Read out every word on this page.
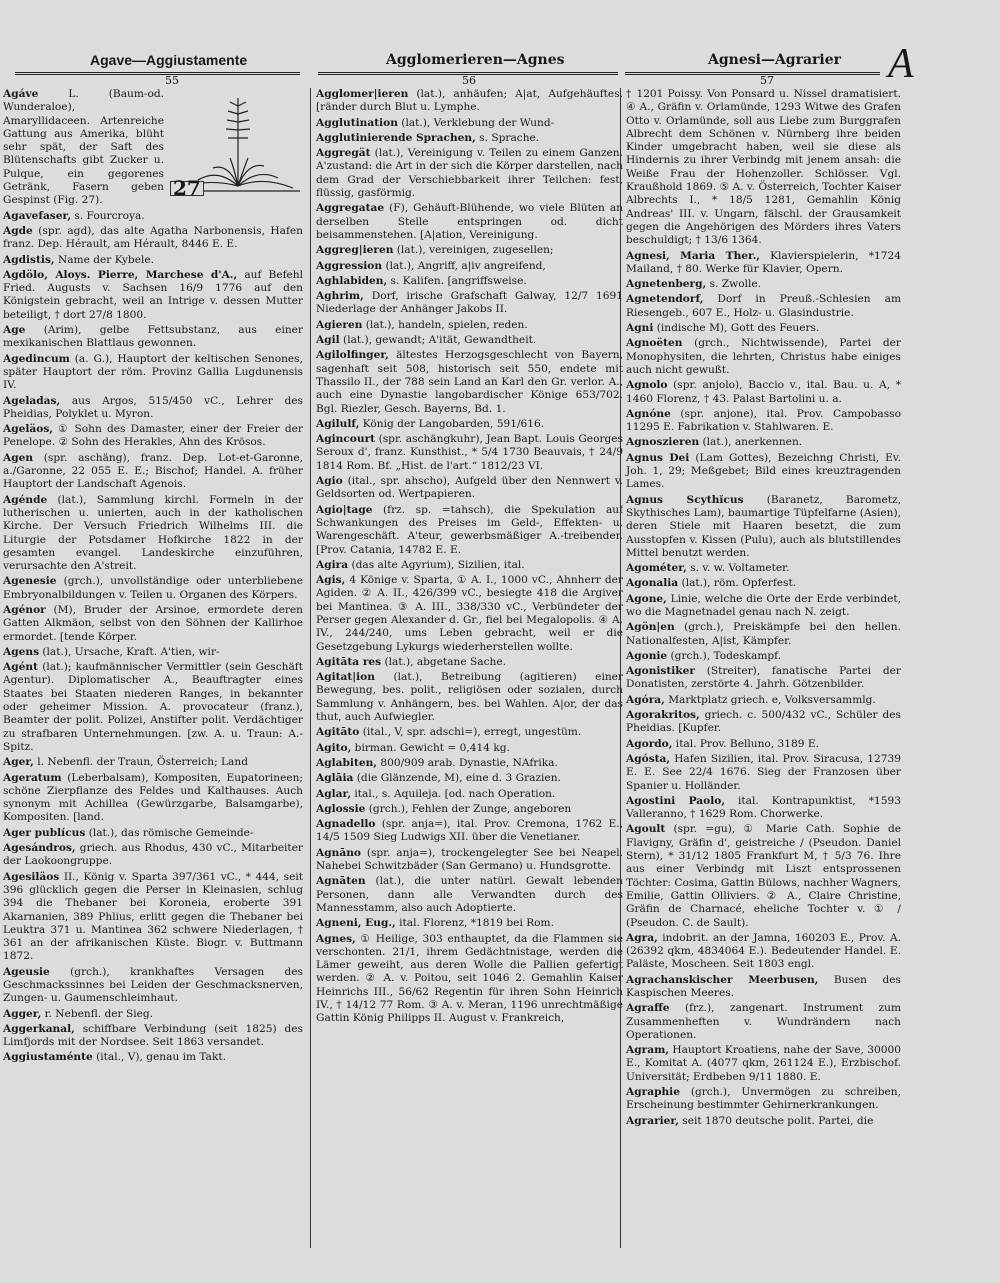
Agave—Aggiustamente	Agglomerieren—Agnes	Agnesi—Agrarier A
55	56	57
27
Agáve L. (Baum-od. Wunderaloe), Amaryllidaceen. Artenreiche Gattung aus Amerika, blüht sehr spät, der Saft des Blütenschafts gibt Zucker u. Pulque, ein gegorenes Getränk, Fasern geben Gespinst (Fig. 27).
Agavefaser, s. Fourcroya.
Agde (spr. agd), das alte Agatha Narbonensis, Hafen franz. Dep. Hérault, am Hérault, 8446 E. E.
Agdistis, Name der Kybele.
Agdölo, Aloys. Pierre, Marchese d'A., auf Befehl Fried. Augusts v. Sachsen 16/9 1776 auf den Königstein gebracht, weil an Intrige v. dessen Mutter beteiligt, † dort 27/8 1800.
Age (Arim), gelbe Fettsubstanz, aus einer mexikanischen Blattlaus gewonnen.
Agedincum (a. G.), Hauptort der keltischen Senones, später Hauptort der röm. Provinz Gallia Lugdunensis IV.
Ageladas, aus Argos, 515/450 vC., Lehrer des Pheidias, Polyklet u. Myron.
Ageläos, ① Sohn des Damaster, einer der Freier der Penelope. ② Sohn des Herakles, Ahn des Krösos.
Agen (spr. aschäng), franz. Dep. Lot-et-Garonne, a./Garonne, 22 055 E. E.; Bischof; Handel. A. früher Hauptort der Landschaft Agenois.
Agénde (lat.), Sammlung kirchl. Formeln in der lutherischen u. unierten, auch in der katholischen Kirche. Der Versuch Friedrich Wilhelms III. die Liturgie der Potsdamer Hofkirche 1822 in der gesamten evangel. Landeskirche einzuführen, verursachte den A'streit.
Agenesie (grch.), unvollständige oder unterbliebene Embryonalbildungen v. Teilen u. Organen des Körpers.
Agénor (M), Bruder der Arsinoe, ermordete deren Gatten Alkmäon, selbst von den Söhnen der Kallirhoe ermordet. [tende Körper.
Agens (lat.), Ursache, Kraft. A'tien, wir-
Agént (lat.); kaufmännischer Vermittler (sein Geschäft Agentur). Diplomatischer A., Beauftragter eines Staates bei Staaten niederen Ranges, in bekannter oder geheimer Mission. A. provocateur (franz.), Beamter der polit. Polizei, Anstifter polit. Verdächtiger zu strafbaren Unternehmungen. [zw. A. u. Traun: A.-Spitz.
Ager, l. Nebenfl. der Traun, Österreich; Land
Ageratum (Leberbalsam), Kompositen, Eupatorineen; schöne Zierpflanze des Feldes und Kalthauses. Auch synonym mit Achillea (Gewürzgarbe, Balsamgarbe), Kompositen. [land.
Ager publícus (lat.), das römische Gemeinde-
Agesándros, griech. aus Rhodus, 430 vC., Mitarbeiter der Laokoongruppe.
Agesiläos II., König v. Sparta 397/361 vC., * 444, seit 396 glücklich gegen die Perser in Kleinasien, schlug 394 die Thebaner bei Koroneia, eroberte 391 Akarnanien, 389 Phlius, erlitt gegen die Thebaner bei Leuktra 371 u. Mantinea 362 schwere Niederlagen, † 361 an der afrikanischen Küste. Biogr. v. Buttmann 1872.
Ageusie (grch.), krankhaftes Versagen des Geschmackssinnes bei Leiden der Geschmacksnerven, Zungen- u. Gaumenschleimhaut.
Agger, r. Nebenfl. der Sieg.
Aggerkanal, schiffbare Verbindung (seit 1825) des Limfjords mit der Nordsee. Seit 1863 versandet.
Aggiustaménte (ital., V), genau im Takt.
Agglomer|ieren (lat.), anhäufen; A|at, Aufgehäuftes. [ränder durch Blut u. Lymphe.
Agglutination (lat.), Verklebung der Wund-
Agglutinierende Sprachen, s. Sprache.
Aggregät (lat.), Vereinigung v. Teilen zu einem Ganzen. A'zustand: die Art in der sich die Körper darstellen, nach dem Grad der Verschiebbarkeit ihrer Teilchen: fest, flüssig, gasförmig.
Aggregatae (F), Gehäuft-Blühende, wo viele Blüten an derselben Stelle entspringen od. dicht beisammenstehen. [A|ation, Vereinigung.
Aggreg|ieren (lat.), vereinigen, zugesellen;
Aggression (lat.), Angriff, a|iv angreifend,
Aghlabiden, s. Kalifen. [angriffsweise.
Aghrim, Dorf, irische Grafschaft Galway, 12/7 1691 Niederlage der Anhänger Jakobs II.
Agieren (lat.), handeln, spielen, reden.
Agil (lat.), gewandt; A'ität, Gewandtheit.
Agilolfinger, ältestes Herzogsgeschlecht von Bayern, sagenhaft seit 508, historisch seit 550, endete mit Thassilo II., der 788 sein Land an Karl den Gr. verlor. A., auch eine Dynastie langobardischer Könige 653/702. Bgl. Riezler, Gesch. Bayerns, Bd. 1.
Agilulf, König der Langobarden, 591/616.
Agincourt (spr. aschängkuhr), Jean Bapt. Louis Georges Seroux d', franz. Kunsthist., * 5/4 1730 Beauvais, † 24/9 1814 Rom. Bf. „Hist. de l'art.“ 1812/23 VI.
Agio (ital., spr. ahscho), Aufgeld über den Nennwert v. Geldsorten od. Wertpapieren.
Agio|tage (frz. sp. =tahsch), die Spekulation auf Schwankungen des Preises im Geld-, Effekten- u. Warengeschäft. A'teur, gewerbsmäßiger A.-treibender. [Prov. Catania, 14782 E. E.
Agira (das alte Agyrium), Sizilien, ital.
Agis, 4 Könige v. Sparta, ① A. I., 1000 vC., Ahnherr der Agiden. ② A. II., 426/399 vC., besiegte 418 die Argiver bei Mantinea. ③ A. III., 338/330 vC., Verbündeter der Perser gegen Alexander d. Gr., fiel bei Megalopolis. ④ A. IV., 244/240, ums Leben gebracht, weil er die Gesetzgebung Lykurgs wiederherstellen wollte.
Agitāta res (lat.), abgetane Sache.
Agitat|ion (lat.), Betreibung (agitieren) einer Bewegung, bes. polit., religiösen oder sozialen, durch Sammlung v. Anhängern, bes. bei Wahlen. A|or, der das thut, auch Aufwiegler.
Agitāto (ital., V, spr. adschi=), erregt, ungestüm.
Agito, birman. Gewicht = 0,414 kg.
Aglabiten, 800/909 arab. Dynastie, NAfrika.
Aglāia (die Glänzende, M), eine d. 3 Grazien.
Aglar, ital., s. Aquileja. [od. nach Operation.
Aglossie (grch.), Fehlen der Zunge, angeboren
Agnadello (spr. anja=), ital. Prov. Cremona, 1762 E., 14/5 1509 Sieg Ludwigs XII. über die Venetianer.
Agnāno (spr. anja=), trockengelegter See bei Neapel. Nahebei Schwitzbäder (San Germano) u. Hundsgrotte.
Agnāten (lat.), die unter natürl. Gewalt lebenden Personen, dann alle Verwandten durch des Mannesstamm, also auch Adoptierte.
Agneni, Eug., ital. Florenz, *1819 bei Rom.
Agnes, ① Heilige, 303 enthauptet, da die Flammen sie verschonten. 21/1, ihrem Gedächtnistage, werden die Lämer geweiht, aus deren Wolle die Pallien gefertigt werden. ② A. v. Poitou, seit 1046 2. Gemahlin Kaiser Heinrichs III., 56/62 Regentin für ihren Sohn Heinrich IV., † 14/12 77 Rom. ③ A. v. Meran, 1196 unrechtmäßige Gattin König Philipps II. August v. Frankreich,
† 1201 Poissy. Von Ponsard u. Nissel dramatisiert. ④ A., Gräfin v. Orlamünde, 1293 Witwe des Grafen Otto v. Orlamünde, soll aus Liebe zum Burggrafen Albrecht dem Schönen v. Nürnberg ihre beiden Kinder umgebracht haben, weil sie diese als Hindernis zu ihrer Verbindg mit jenem ansah: die Weiße Frau der Hohenzoller. Schlösser. Vgl. Kraußhold 1869. ⑤ A. v. Österreich, Tochter Kaiser Albrechts I., * 18/5 1281, Gemahlin König Andreas' III. v. Ungarn, fälschl. der Grausamkeit gegen die Angehörigen des Mörders ihres Vaters beschuldigt; † 13/6 1364.
Agnesi, Maria Ther., Klavierspielerin, *1724 Mailand, † 80. Werke für Klavier, Opern.
Agnetenberg, s. Zwolle.
Agnetendorf, Dorf in Preuß.-Schlesien am Riesengeb., 607 E., Holz- u. Glasindustrie.
Agni (indische M), Gott des Feuers.
Agnoëten (grch., Nichtwissende), Partei der Monophysiten, die lehrten, Christus habe einiges auch nicht gewußt.
Agnolo (spr. anjolo), Baccio v., ital. Bau. u. A, * 1460 Florenz, † 43. Palast Bartolini u. a.
Agnóne (spr. anjone), ital. Prov. Campobasso 11295 E. Fabrikation v. Stahlwaren. E.
Agnoszieren (lat.), anerkennen.
Agnus Dei (Lam Gottes), Bezeichng Christi, Ev. Joh. 1, 29; Meßgebet; Bild eines kreuztragenden Lames.
Agnus Scythĭcus (Baranetz, Barometz, Skythisches Lam), baumartige Tüpfelfarne (Asien), deren Stiele mit Haaren besetzt, die zum Ausstopfen v. Kissen (Pulu), auch als blutstillendes Mittel benutzt werden.
Agométer, s. v. w. Voltameter.
Agonalia (lat.), röm. Opferfest.
Agone, Linie, welche die Orte der Erde verbindet, wo die Magnetnadel genau nach N. zeigt.
Agön|en (grch.), Preiskämpfe bei den hellen. Nationalfesten, A|ist, Kämpfer.
Agonie (grch.), Todeskampf.
Agonistiker (Streiter), fanatische Partei der Donatisten, zerstörte 4. Jahrh. Götzenbilder.
Agóra, Marktplatz griech. e, Volksversammlg.
Agorakritos, griech. c. 500/432 vC., Schüler des Pheidias. [Kupfer.
Agordo, ital. Prov. Belluno, 3189 E.
Agósta, Hafen Sizilien, ital. Prov. Siracusa, 12739 E. E. See 22/4 1676. Sieg der Franzosen über Spanier u. Holländer.
Agostini Paolo, ital. Kontrapunktist, *1593 Valleranno, † 1629 Rom. Chorwerke.
Agoult (spr. =gu), ① Marie Cath. Sophie de Flavigny, Gräfin d', geistreiche / (Pseudon. Daniel Stern), * 31/12 1805 Frankfurt M, † 5/3 76. Ihre aus einer Verbindg mit Liszt entsprossenen Töchter: Cosima, Gattin Bülows, nachher Wagners, Emilie, Gattin Olliviers. ② A., Claire Christine, Gräfin de Charnacé, eheliche Tochter v. ① / (Pseudon. C. de Sault).
Agra, indobrit. an der Jamna, 160203 E., Prov. A. (26392 qkm, 4834064 E.). Bedeutender Handel. E. Paläste, Moscheen. Seit 1803 engl.
Agrachanskischer Meerbusen, Busen des Kaspischen Meeres.
Agraffe (frz.), zangenart. Instrument zum Zusammenheften v. Wundrändern nach Operationen.
Agram, Hauptort Kroatiens, nahe der Save, 30000 E., Komitat A. (4077 qkm, 261124 E.), Erzbischof. Universität; Erdbeben 9/11 1880. E.
Agraphie (grch.), Unvermögen zu schreiben, Erscheinung bestimmter Gehirnerkrankungen.
Agrarier, seit 1870 deutsche polit. Partei, die
